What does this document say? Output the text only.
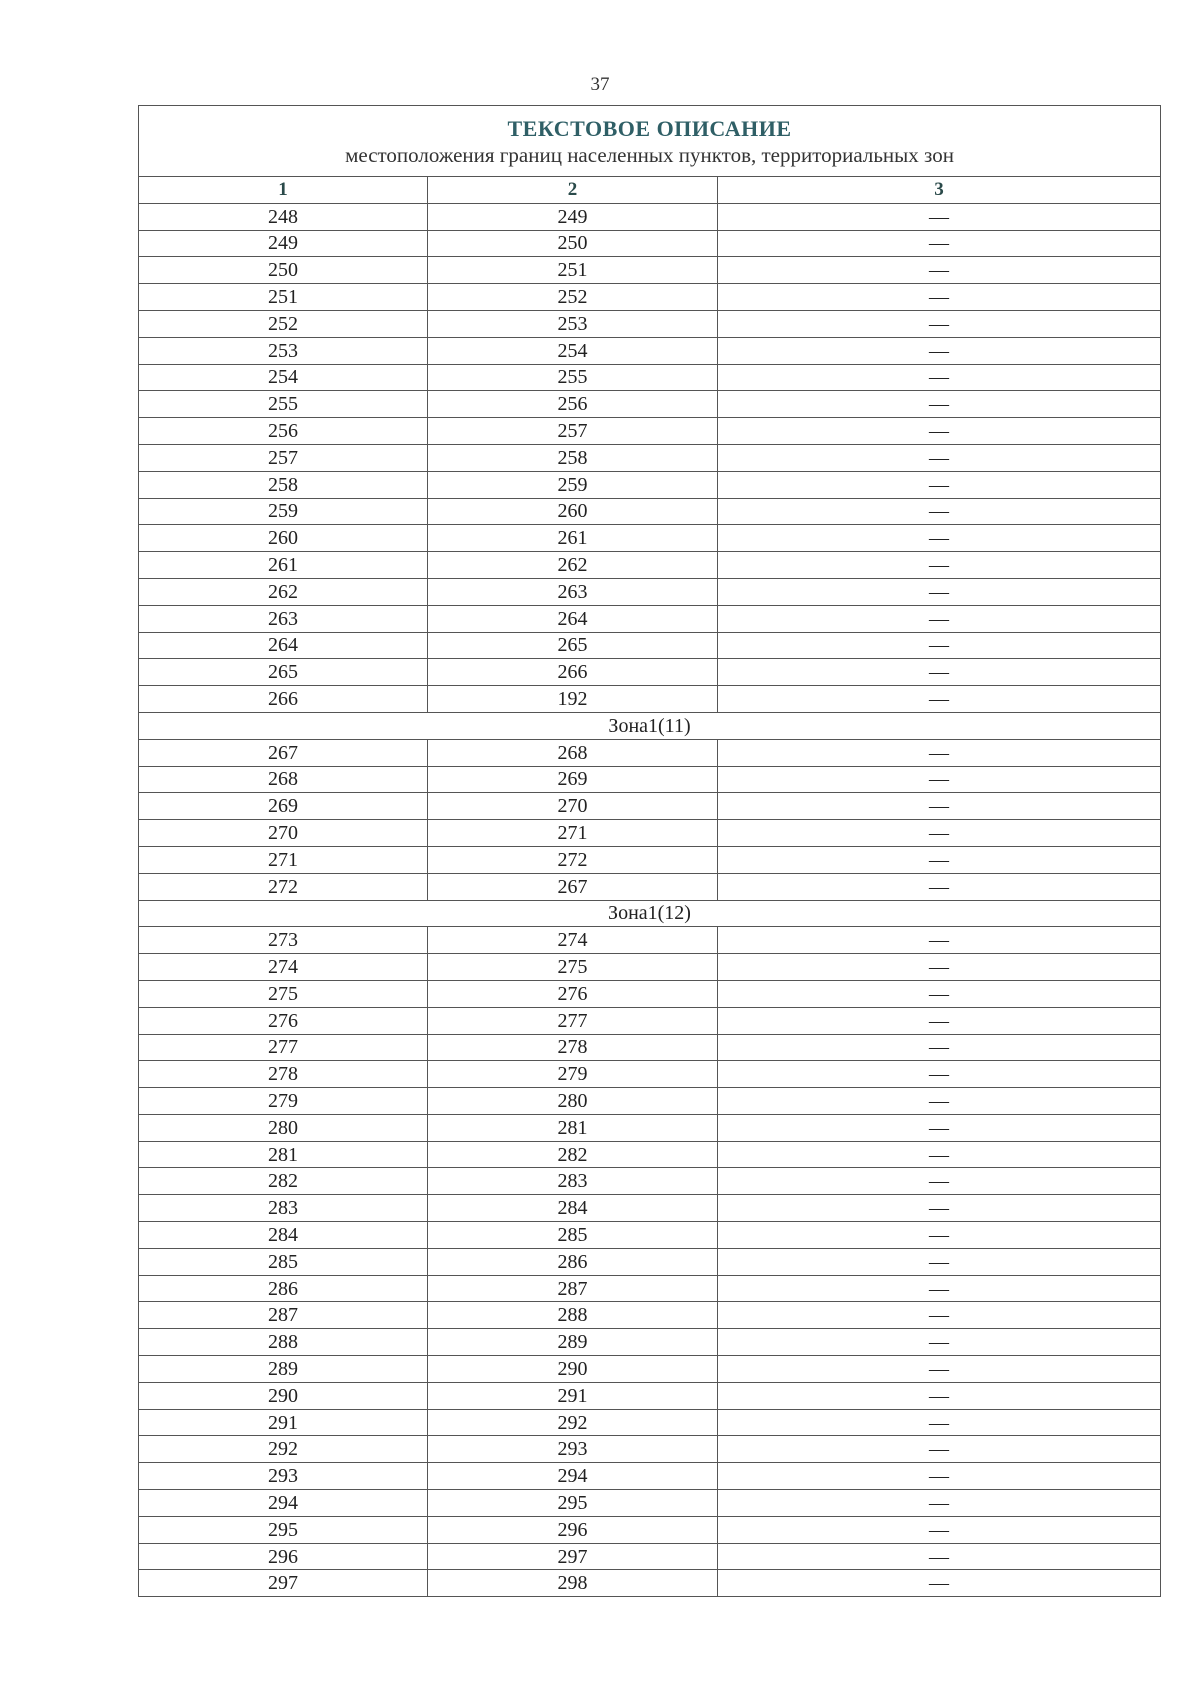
37
ТЕКСТОВОЕ ОПИСАНИЕ
местоположения границ населенных пунктов, территориальных зон		

1	2	3
248	249	—
249	250	—
250	251	—
251	252	—
252	253	—
253	254	—
254	255	—
255	256	—
256	257	—
257	258	—
258	259	—
259	260	—
260	261	—
261	262	—
262	263	—
263	264	—
264	265	—
265	266	—
266	192	—
Зона1(11)		
267	268	—
268	269	—
269	270	—
270	271	—
271	272	—
272	267	—
Зона1(12)		
273	274	—
274	275	—
275	276	—
276	277	—
277	278	—
278	279	—
279	280	—
280	281	—
281	282	—
282	283	—
283	284	—
284	285	—
285	286	—
286	287	—
287	288	—
288	289	—
289	290	—
290	291	—
291	292	—
292	293	—
293	294	—
294	295	—
295	296	—
296	297	—
297	298	—
